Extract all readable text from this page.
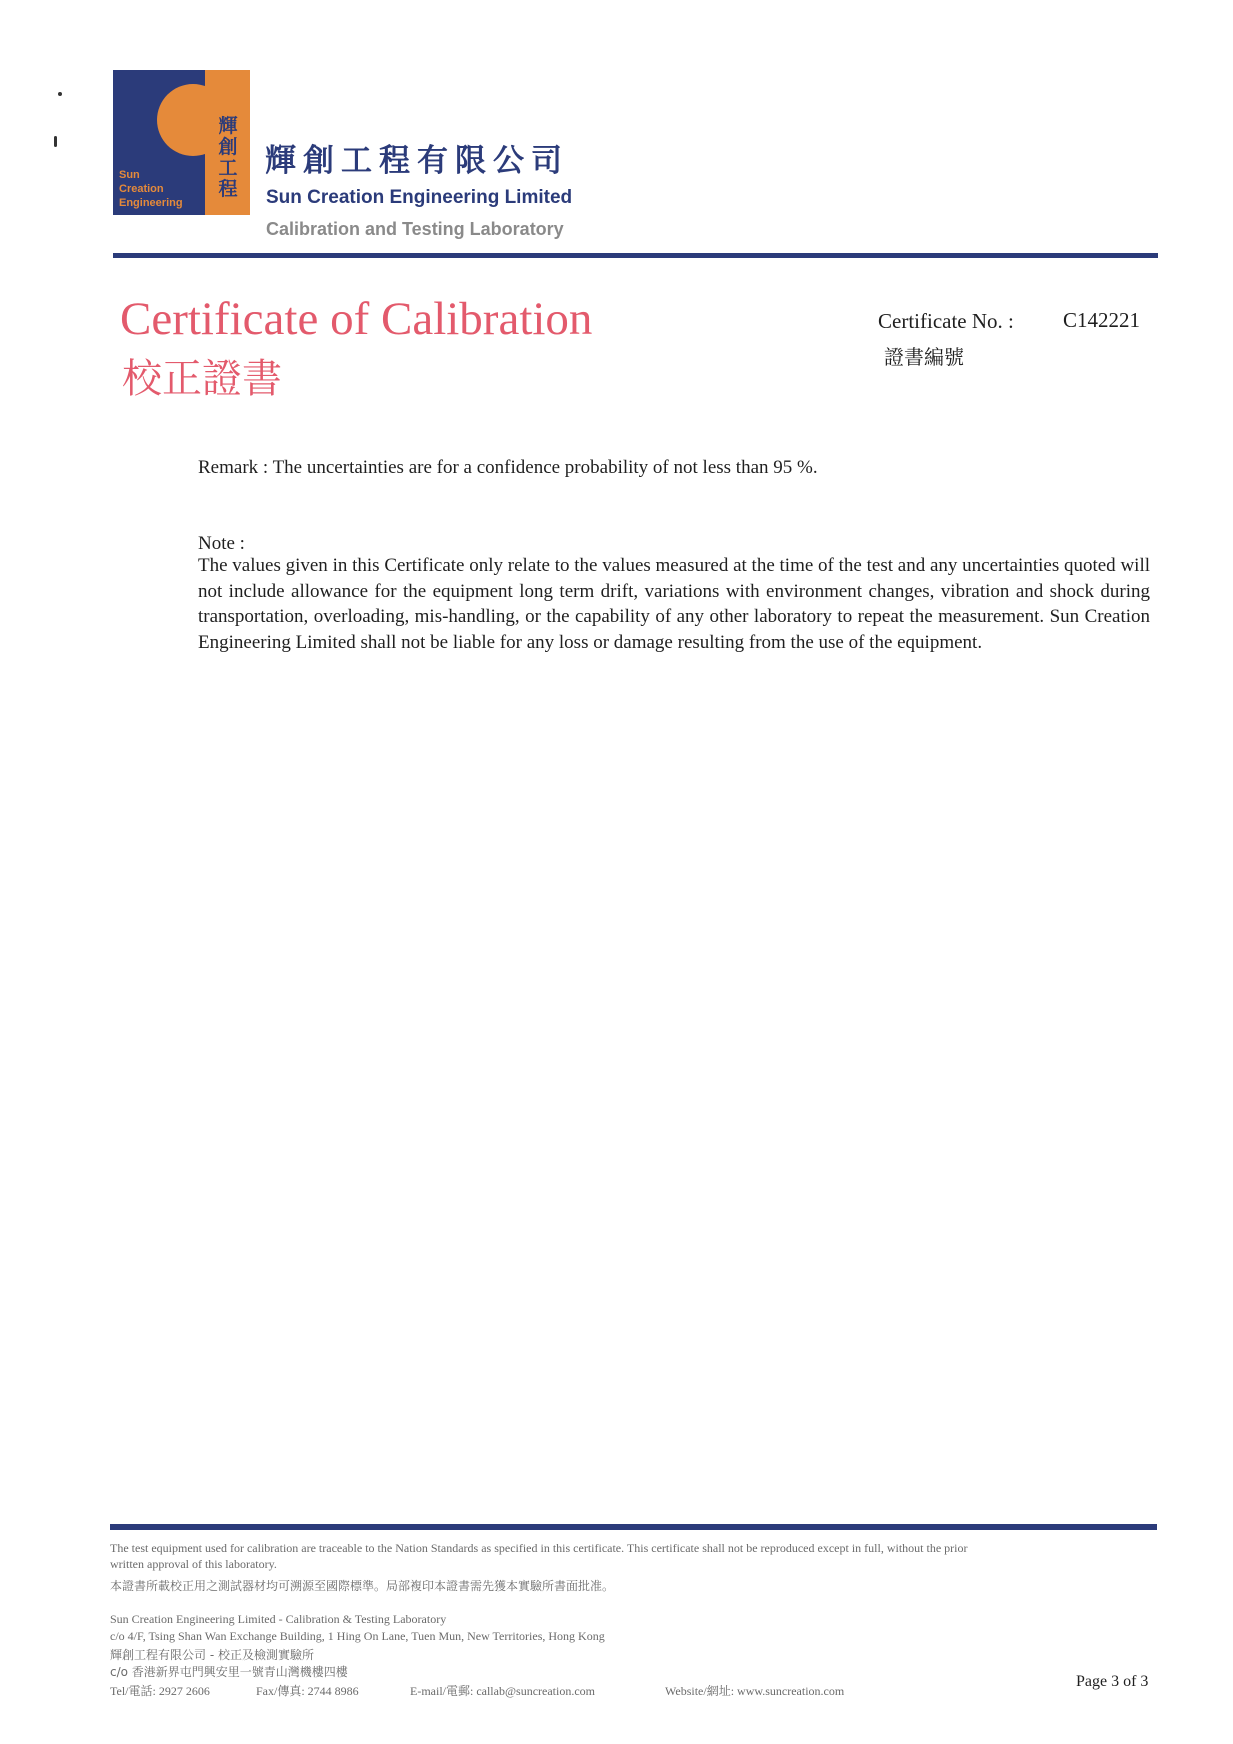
Sun
Creation
Engineering
輝創工程
輝創工程有限公司
Sun Creation Engineering Limited
Calibration and Testing Laboratory
Certificate of Calibration
校正證書
Certificate No. : C142221
證書編號
Remark : The uncertainties are for a confidence probability of not less than 95 %.
Note :
The values given in this Certificate only relate to the values measured at the time of the test and any uncertainties quoted will not include allowance for the equipment long term drift, variations with environment changes, vibration and shock during transportation, overloading, mis-handling, or the capability of any other laboratory to repeat the measurement. Sun Creation Engineering Limited shall not be liable for any loss or damage resulting from the use of the equipment.
The test equipment used for calibration are traceable to the Nation Standards as specified in this certificate. This certificate shall not be reproduced except in full, without the prior
written approval of this laboratory.
本證書所載校正用之測試器材均可溯源至國際標準。局部複印本證書需先獲本實驗所書面批准。
Sun Creation Engineering Limited - Calibration & Testing Laboratory
c/o 4/F, Tsing Shan Wan Exchange Building, 1 Hing On Lane, Tuen Mun, New Territories, Hong Kong
輝創工程有限公司 - 校正及檢測實驗所
c/o 香港新界屯門興安里一號青山灣機樓四樓
Tel/電話: 2927 2606	Fax/傳真: 2744 8986	E-mail/電郵: callab@suncreation.com	Website/網址: www.suncreation.com
Page 3 of 3
